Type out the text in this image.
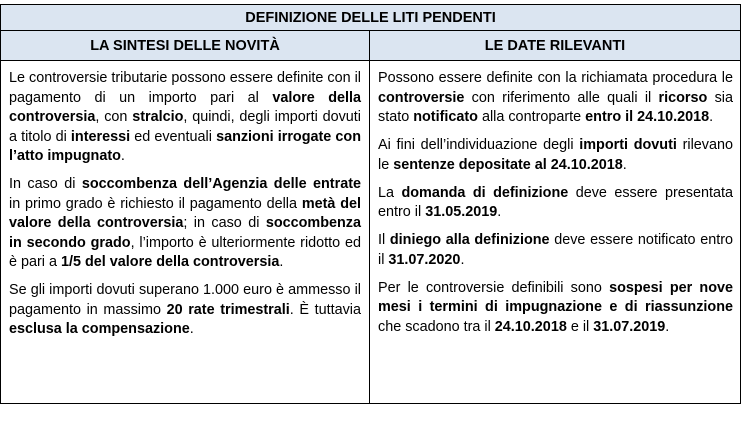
DEFINIZIONE DELLE LITI PENDENTI
LA SINTESI DELLE NOVITÀ	LE DATE RILEVANTI

Le controversie tributarie possono essere definite con il pagamento di un importo pari al valore della controversia, con stralcio, quindi, degli importi dovuti a titolo di interessi ed eventuali sanzioni irrogate con l’atto impugnato.

In caso di soccombenza dell’Agenzia delle entrate in primo grado è richiesto il pagamento della metà del valore della controversia; in caso di soccombenza in secondo grado, l’importo è ulteriormente ridotto ed è pari a 1/5 del valore della controversia.

Se gli importi dovuti superano 1.000 euro è ammesso il pagamento in massimo 20 rate trimestrali. È tuttavia esclusa la compensazione.

Possono essere definite con la richiamata procedura le controversie con riferimento alle quali il ricorso sia stato notificato alla controparte entro il 24.10.2018.

Ai fini dell’individuazione degli importi dovuti rilevano le sentenze depositate al 24.10.2018.

La domanda di definizione deve essere presentata entro il 31.05.2019.

Il diniego alla definizione deve essere notificato entro il 31.07.2020.

Per le controversie definibili sono sospesi per nove mesi i termini di impugnazione e di riassunzione che scadono tra il 24.10.2018 e il 31.07.2019.
